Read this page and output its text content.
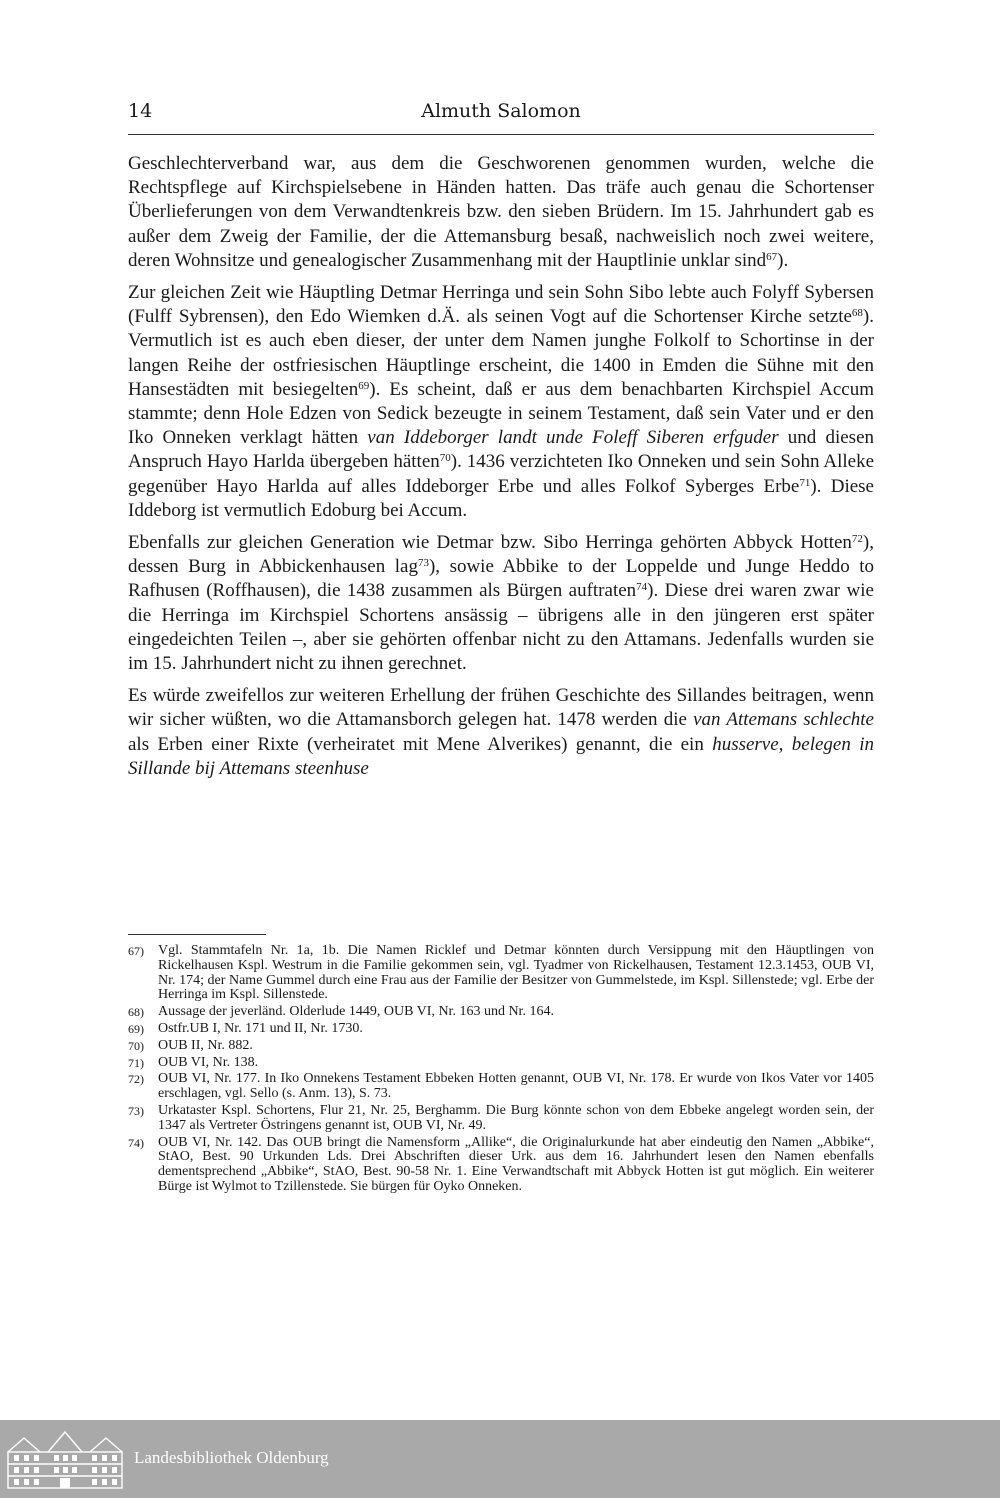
14	Almuth Salomon

Geschlechterverband war, aus dem die Geschworenen genommen wurden, welche die Rechtspflege auf Kirchspielsebene in Händen hatten. Das träfe auch genau die Schortenser Überlieferungen von dem Verwandtenkreis bzw. den sieben Brüdern. Im 15. Jahrhundert gab es außer dem Zweig der Familie, der die Attemansburg besaß, nachweislich noch zwei weitere, deren Wohnsitze und genealogischer Zusammenhang mit der Hauptlinie unklar sind$^{67}$).

Zur gleichen Zeit wie Häuptling Detmar Herringa und sein Sohn Sibo lebte auch Folyff Sybersen (Fulff Sybrensen), den Edo Wiemken d.Ä. als seinen Vogt auf die Schortenser Kirche setzte$^{68}$). Vermutlich ist es auch eben dieser, der unter dem Namen junghe Folkolf to Schortinse in der langen Reihe der ostfriesischen Häuptlinge erscheint, die 1400 in Emden die Sühne mit den Hansestädten mit besiegelten$^{69}$). Es scheint, daß er aus dem benachbarten Kirchspiel Accum stammte; denn Hole Edzen von Sedick bezeugte in seinem Testament, daß sein Vater und er den Iko Onneken verklagt hätten van Iddeborger landt unde Foleff Siberen erfguder und diesen Anspruch Hayo Harlda übergeben hätten$^{70}$). 1436 verzichteten Iko Onneken und sein Sohn Alleke gegenüber Hayo Harlda auf alles Iddeborger Erbe und alles Folkof Syberges Erbe$^{71}$). Diese Iddeborg ist vermutlich Edoburg bei Accum.

Ebenfalls zur gleichen Generation wie Detmar bzw. Sibo Herringa gehörten Abbyck Hotten$^{72}$), dessen Burg in Abbickenhausen lag$^{73}$), sowie Abbike to der Loppelde und Junge Heddo to Rafhusen (Roffhausen), die 1438 zusammen als Bürgen auftraten$^{74}$). Diese drei waren zwar wie die Herringa im Kirchspiel Schortens ansässig – übrigens alle in den jüngeren erst später eingedeichten Teilen –, aber sie gehörten offenbar nicht zu den Attamans. Jedenfalls wurden sie im 15. Jahrhundert nicht zu ihnen gerechnet.

Es würde zweifellos zur weiteren Erhellung der frühen Geschichte des Sillandes beitragen, wenn wir sicher wüßten, wo die Attamansborch gelegen hat. 1478 werden die van Attemans schlechte als Erben einer Rixte (verheiratet mit Mene Alverikes) genannt, die ein husserve, belegen in Sillande bij Attemans steenhuse

67)	Vgl. Stammtafeln Nr. 1a, 1b. Die Namen Ricklef und Detmar könnten durch Versippung mit den Häuptlingen von Rickelhausen Kspl. Westrum in die Familie gekommen sein, vgl. Tyadmer von Rickelhausen, Testament 12.3.1453, OUB VI, Nr. 174; der Name Gummel durch eine Frau aus der Familie der Besitzer von Gummelstede, im Kspl. Sillenstede; vgl. Erbe der Herringa im Kspl. Sillenstede.
68)	Aussage der jeverländ. Olderlude 1449, OUB VI, Nr. 163 und Nr. 164.
69)	Ostfr.UB I, Nr. 171 und II, Nr. 1730.
70)	OUB II, Nr. 882.
71)	OUB VI, Nr. 138.
72)	OUB VI, Nr. 177. In Iko Onnekens Testament Ebbeken Hotten genannt, OUB VI, Nr. 178. Er wurde von Ikos Vater vor 1405 erschlagen, vgl. Sello (s. Anm. 13), S. 73.
73)	Urkataster Kspl. Schortens, Flur 21, Nr. 25, Berghamm. Die Burg könnte schon von dem Ebbeke angelegt worden sein, der 1347 als Vertreter Östringens genannt ist, OUB VI, Nr. 49.
74)	OUB VI, Nr. 142. Das OUB bringt die Namensform „Allike“, die Originalurkunde hat aber eindeutig den Namen „Abbike“, StAO, Best. 90 Urkunden Lds. Drei Abschriften dieser Urk. aus dem 16. Jahrhundert lesen den Namen ebenfalls dementsprechend „Abbike“, StAO, Best. 90-58 Nr. 1. Eine Verwandtschaft mit Abbyck Hotten ist gut möglich. Ein weiterer Bürge ist Wylmot to Tzillenstede. Sie bürgen für Oyko Onneken.
Landesbibliothek Oldenburg
